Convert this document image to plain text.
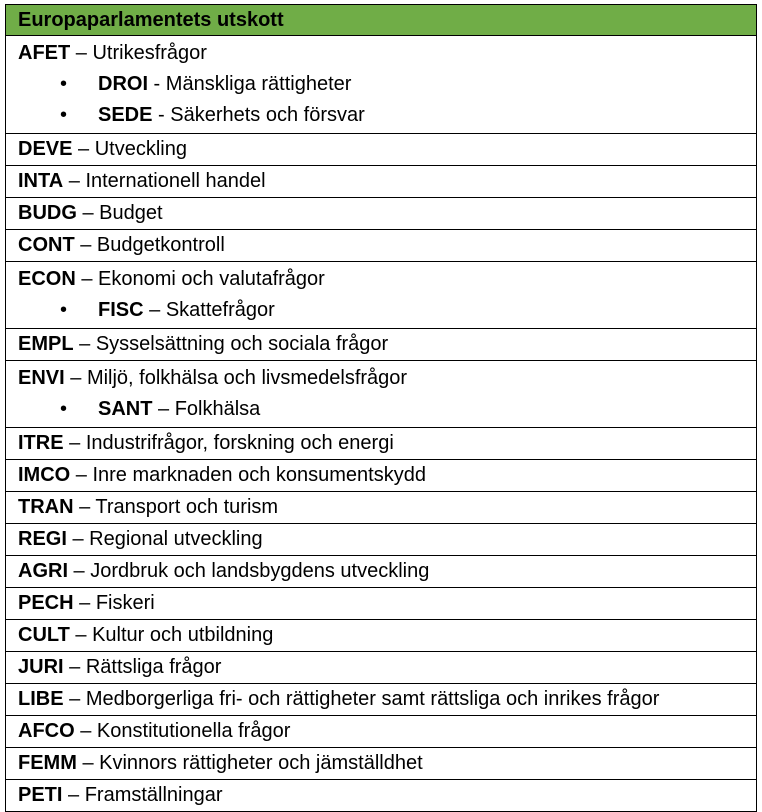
Europaparlamentets utskott

AFET – Utrikesfrågor
• DROI - Mänskliga rättigheter
• SEDE - Säkerhets och försvar

DEVE – Utveckling

INTA – Internationell handel

BUDG – Budget

CONT – Budgetkontroll

ECON – Ekonomi och valutafrågor
• FISC – Skattefrågor

EMPL – Sysselsättning och sociala frågor

ENVI – Miljö, folkhälsa och livsmedelsfrågor
• SANT – Folkhälsa

ITRE – Industrifrågor, forskning och energi

IMCO – Inre marknaden och konsumentskydd

TRAN – Transport och turism

REGI – Regional utveckling

AGRI – Jordbruk och landsbygdens utveckling

PECH – Fiskeri

CULT – Kultur och utbildning

JURI – Rättsliga frågor

LIBE – Medborgerliga fri- och rättigheter samt rättsliga och inrikes frågor

AFCO – Konstitutionella frågor

FEMM – Kvinnors rättigheter och jämställdhet

PETI – Framställningar
